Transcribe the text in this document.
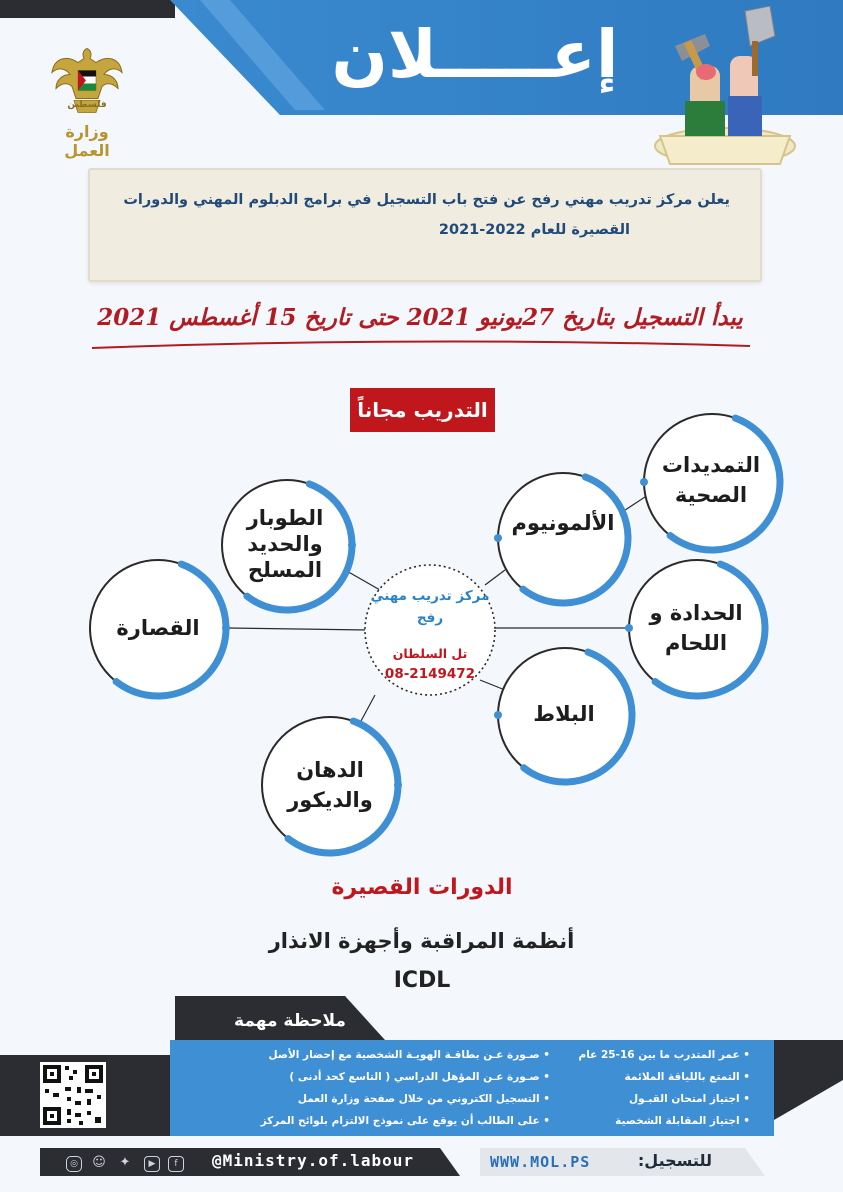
إعـــــلان
فلسطين
وزارة العمل
يعلن مركز تدريب مهني رفح عن فتح باب التسجيل في برامج الدبلوم المهني والدورات
القصيرة للعام 2022-2021
يبدأ التسجيل بتاريخ 27يونيو 2021 حتى تاريخ 15 أغسطس 2021
التدريب مجاناً
مركز تدريب مهني رفح
تل السلطان
08-2149472
التمديدات الصحية
الألمونيوم
الطوبار والحديد المسلح
الحدادة و اللحام
القصارة
البلاط
الدهان والديكور
الدورات القصيرة
أنظمة المراقبة وأجهزة الانذار
ICDL
ملاحظة مهمة
• عمر المتدرب ما بين 16-25 عام
• التمتع باللياقة الملائمة
• اجتياز امتحان القبـول
• اجتياز المقابلة الشخصية
• صـورة عـن بطاقـة الهويـة الشخصية مع إحضار الأصل
• صـورة عـن المؤهل الدراسي ( التاسع كحد أدنى )
• التسجيل الكتروني من خلال صفحة وزارة العمل
• على الطالب أن يوقع على نموذج الالتزام بلوائح المركز
f
▶
✦
☺
◎	@Ministry.of.labour	WWW.MOL.PS	للتسجيل:
